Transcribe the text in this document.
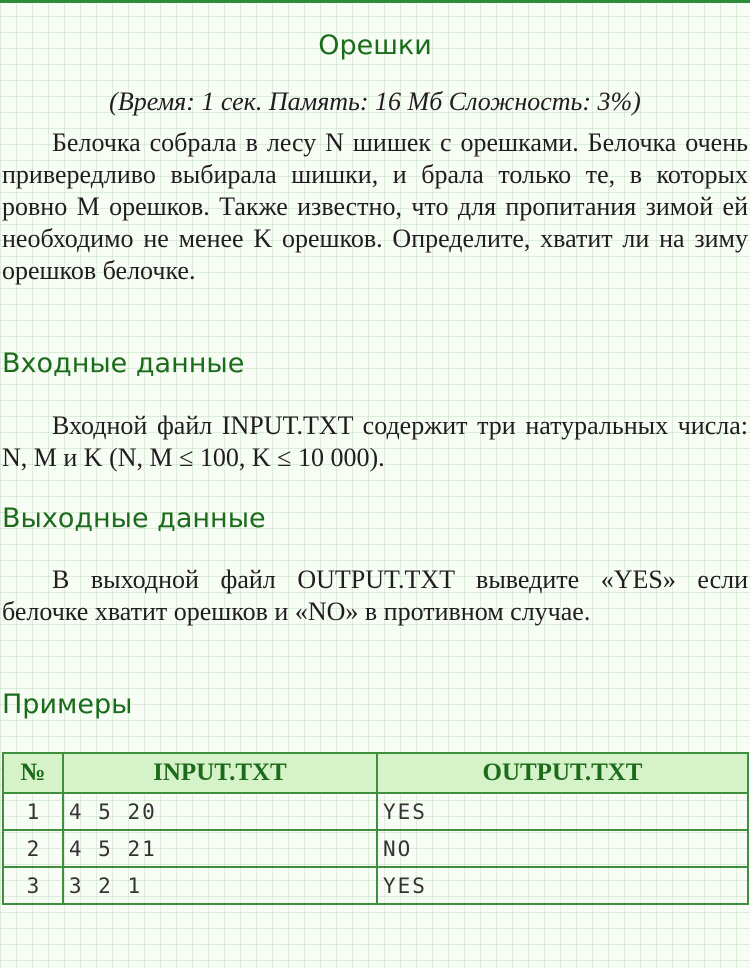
Орешки

(Время: 1 сек. Память: 16 Мб Сложность: 3%)

Белочка собрала в лесу N шишек c орешками. Белочка очень привередливо выбирала шишки, и брала только те, в которых ровно M орешков. Также известно, что для пропитания зимой ей необходимо не менее K орешков. Определите, хватит ли на зиму орешков белочке.

Входные данные

Входной файл INPUT.TXT содержит три натуральных числа: N, M и K (N, M ≤ 100, K ≤ 10 000).

Выходные данные

В выходной файл OUTPUT.TXT выведите «YES» если белочке хватит орешков и «NO» в противном случае.

Примеры
№	INPUT.TXT	OUTPUT.TXT
1	4 5 20	YES
2	4 5 21	NO
3	3 2 1	YES
